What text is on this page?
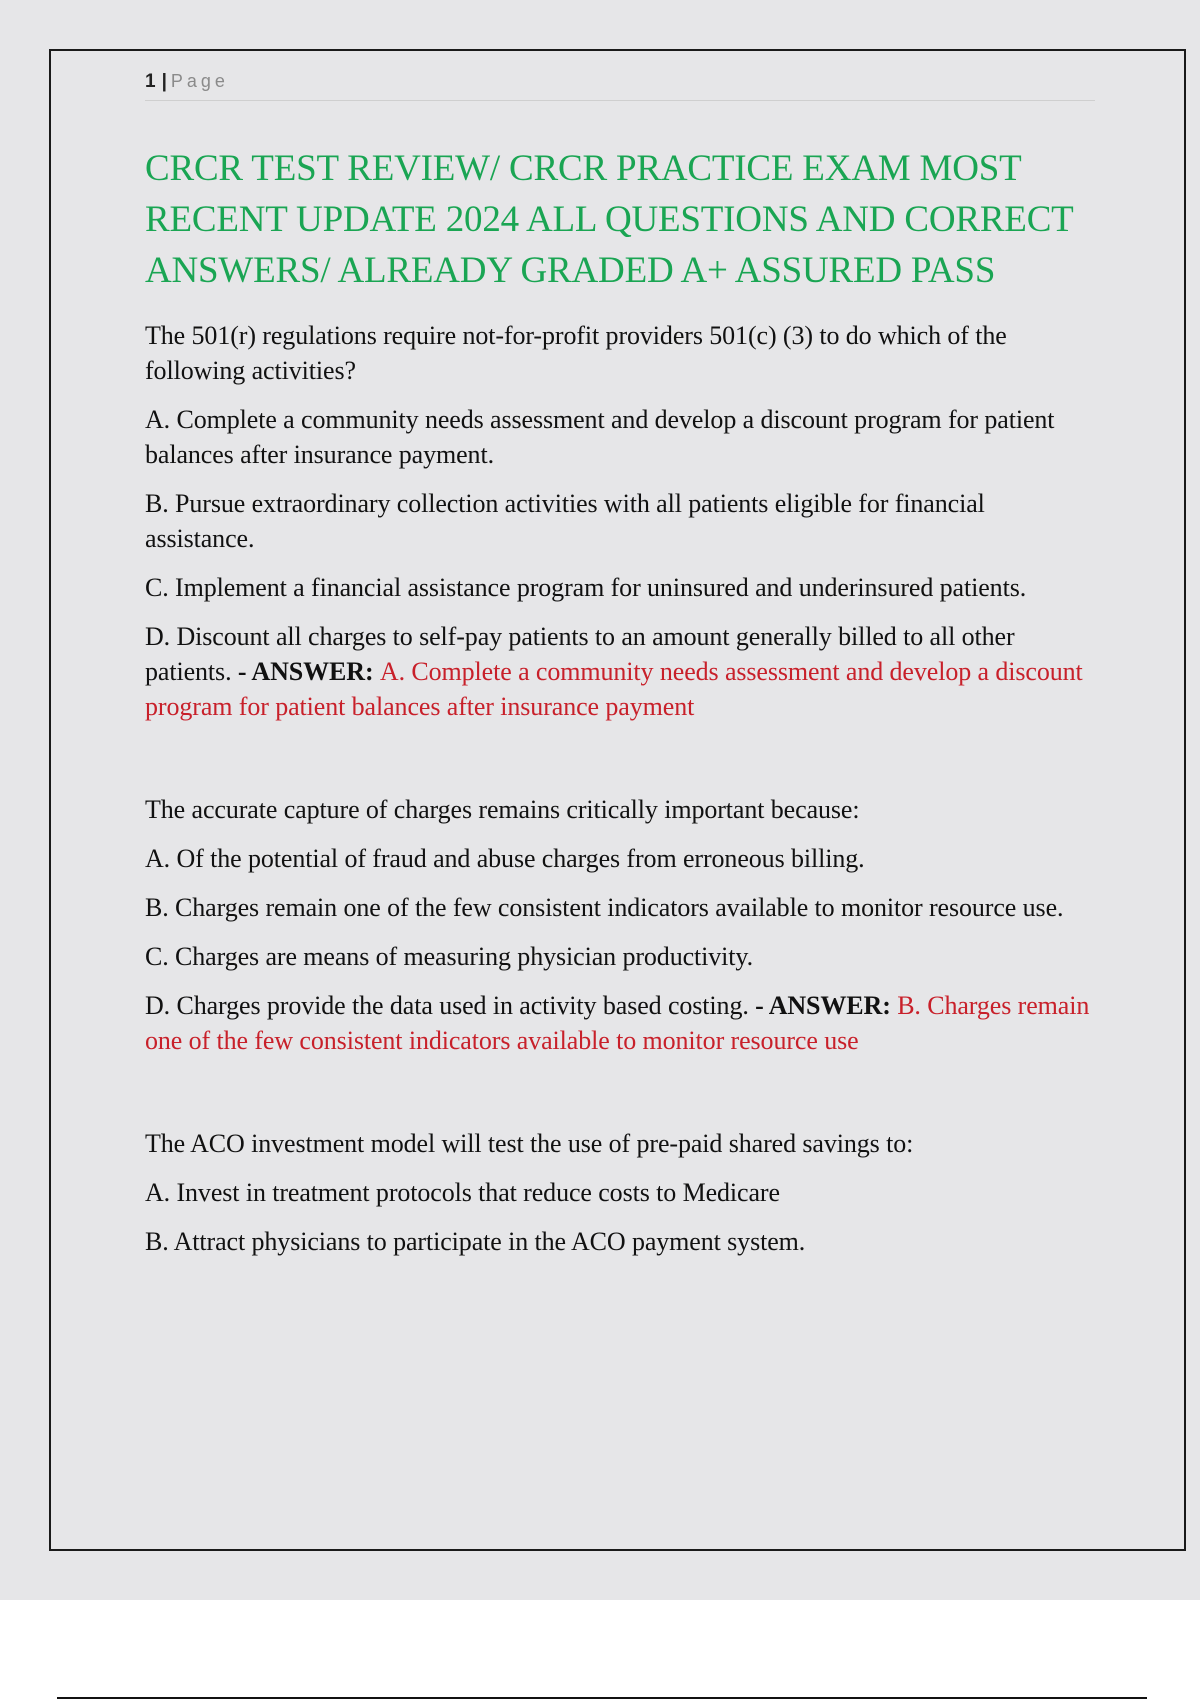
1 | Page
CRCR TEST REVIEW/ CRCR PRACTICE EXAM MOST RECENT UPDATE 2024 ALL QUESTIONS AND CORRECT ANSWERS/ ALREADY GRADED A+ ASSURED PASS
The 501(r) regulations require not-for-profit providers 501(c) (3) to do which of the following activities?
A. Complete a community needs assessment and develop a discount program for patient balances after insurance payment.
B. Pursue extraordinary collection activities with all patients eligible for financial assistance.
C. Implement a financial assistance program for uninsured and underinsured patients.
D. Discount all charges to self-pay patients to an amount generally billed to all other patients. - ANSWER: A. Complete a community needs assessment and develop a discount program for patient balances after insurance payment
The accurate capture of charges remains critically important because:
A. Of the potential of fraud and abuse charges from erroneous billing.
B. Charges remain one of the few consistent indicators available to monitor resource use.
C. Charges are means of measuring physician productivity.
D. Charges provide the data used in activity based costing. - ANSWER: B. Charges remain one of the few consistent indicators available to monitor resource use
The ACO investment model will test the use of pre-paid shared savings to:
A. Invest in treatment protocols that reduce costs to Medicare
B. Attract physicians to participate in the ACO payment system.
